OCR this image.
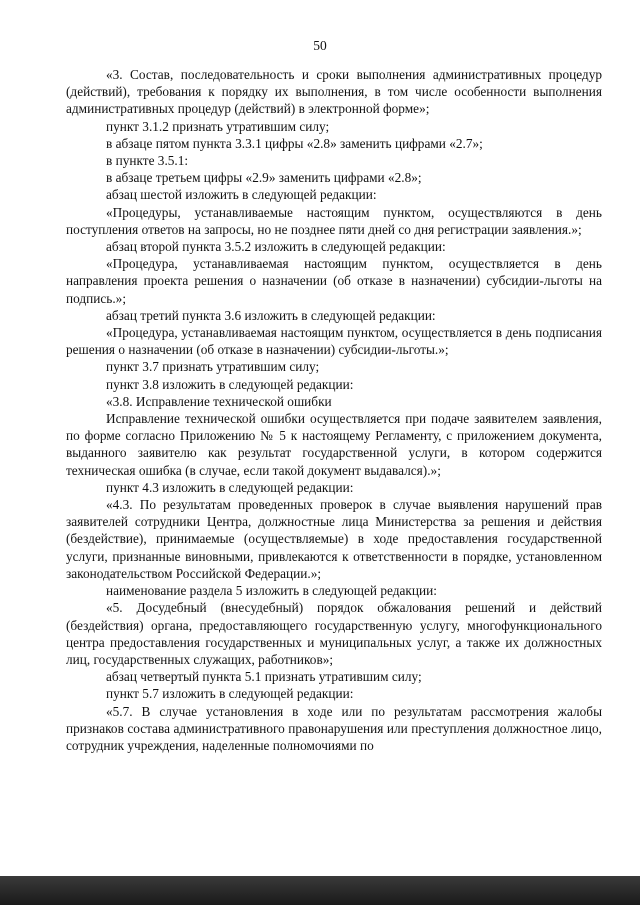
50

«3. Состав, последовательность и сроки выполнения административных процедур (действий), требования к порядку их выполнения, в том числе особенности выполнения административных процедур (действий) в электронной форме»;

пункт 3.1.2 признать утратившим силу;

в абзаце пятом пункта 3.3.1 цифры «2.8» заменить цифрами «2.7»;

в пункте 3.5.1:

в абзаце третьем цифры «2.9» заменить цифрами «2.8»;

абзац шестой изложить в следующей редакции:

«Процедуры, устанавливаемые настоящим пунктом, осуществляются в день поступления ответов на запросы, но не позднее пяти дней со дня регистрации заявления.»;

абзац второй пункта 3.5.2 изложить в следующей редакции:

«Процедура, устанавливаемая настоящим пунктом, осуществляется в день направления проекта решения о назначении (об отказе в назначении) субсидии-льготы на подпись.»;

абзац третий пункта 3.6 изложить в следующей редакции:

«Процедура, устанавливаемая настоящим пунктом, осуществляется в день подписания решения о назначении (об отказе в назначении) субсидии-льготы.»;

пункт 3.7 признать утратившим силу;

пункт 3.8 изложить в следующей редакции:

«3.8. Исправление технической ошибки

Исправление технической ошибки осуществляется при подаче заявителем заявления, по форме согласно Приложению № 5 к настоящему Регламенту, с приложением документа, выданного заявителю как результат государственной услуги, в котором содержится техническая ошибка (в случае, если такой документ выдавался).»;

пункт 4.3 изложить в следующей редакции:

«4.3. По результатам проведенных проверок в случае выявления нарушений прав заявителей сотрудники Центра, должностные лица Министерства за решения и действия (бездействие), принимаемые (осуществляемые) в ходе предоставления государственной услуги, признанные виновными, привлекаются к ответственности в порядке, установленном законодательством Российской Федерации.»;

наименование раздела 5 изложить в следующей редакции:

«5. Досудебный (внесудебный) порядок обжалования решений и действий (бездействия) органа, предоставляющего государственную услугу, многофункционального центра предоставления государственных и муниципальных услуг, а также их должностных лиц, государственных служащих, работников»;

абзац четвертый пункта 5.1 признать утратившим силу;

пункт 5.7 изложить в следующей редакции:

«5.7. В случае установления в ходе или по результатам рассмотрения жалобы признаков состава административного правонарушения или преступления должностное лицо, сотрудник учреждения, наделенные полномочиями по
